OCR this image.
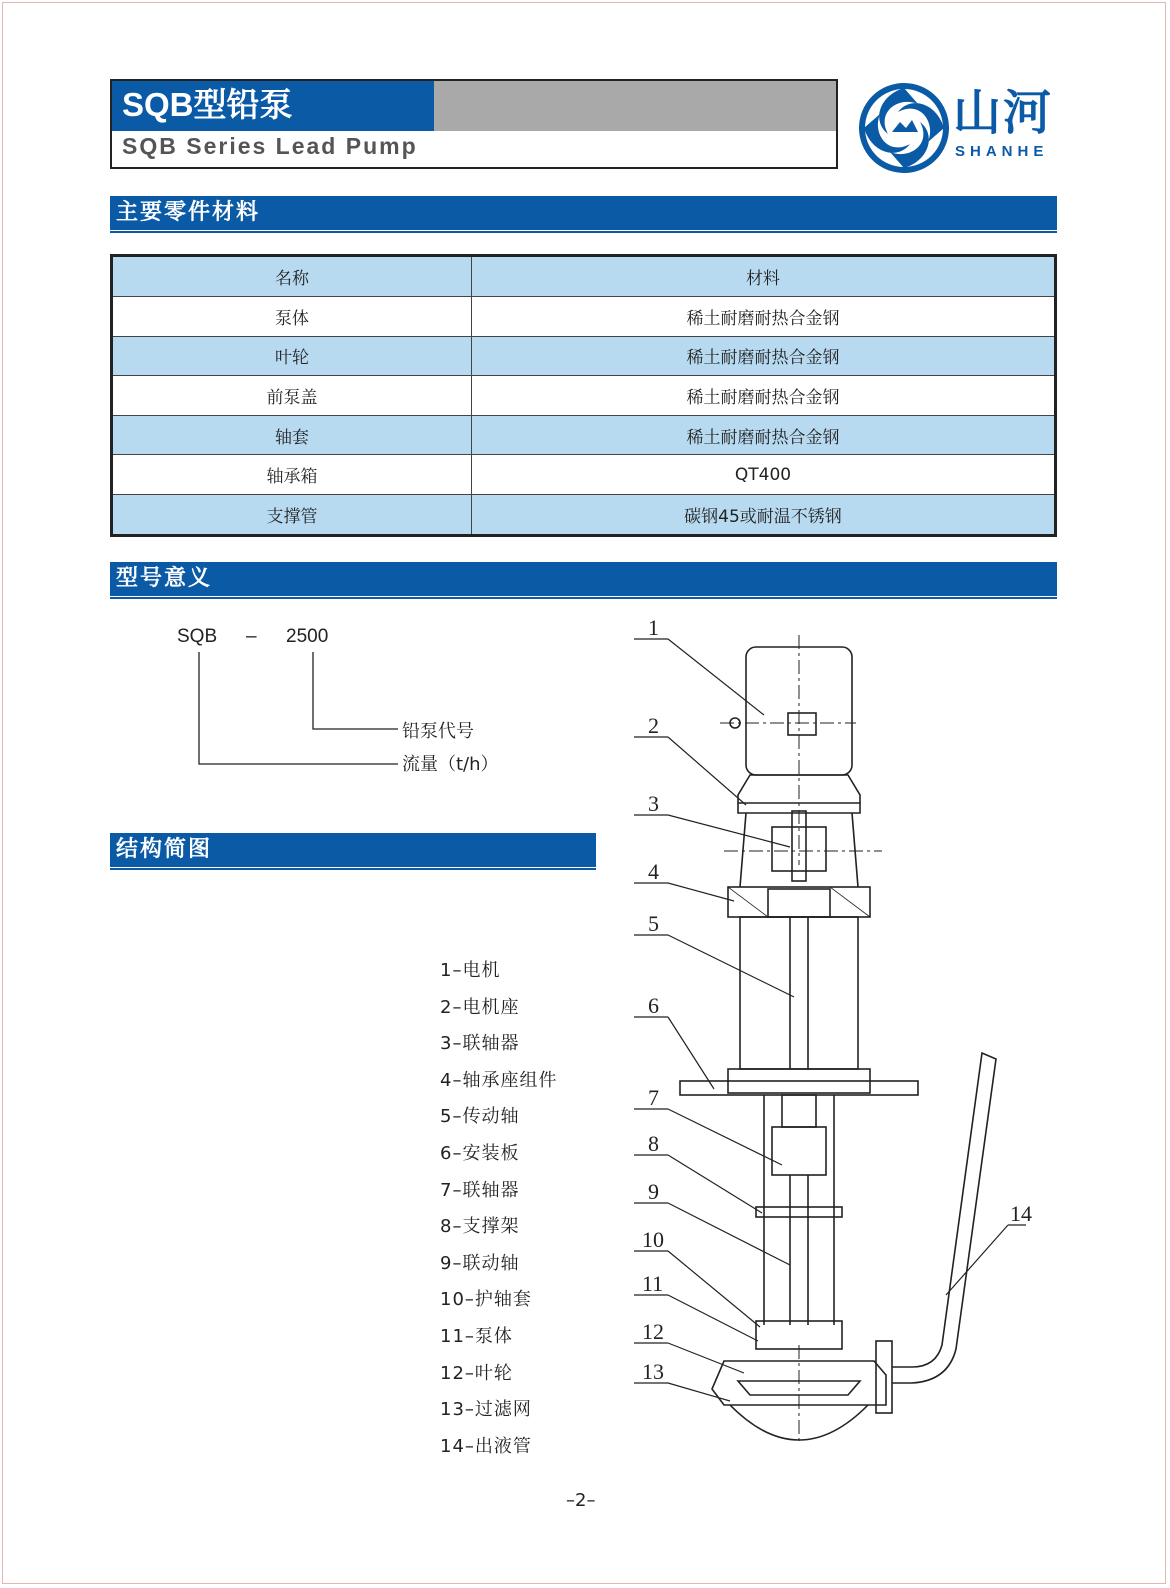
SQB型铅泵
SQB Series Lead Pump
山河
SHANHE
主要零件材料
名称	材料
泵体	稀土耐磨耐热合金钢
叶轮	稀土耐磨耐热合金钢
前泵盖	稀土耐磨耐热合金钢
轴套	稀土耐磨耐热合金钢
轴承箱	QT400
支撑管	碳钢45或耐温不锈钢
型号意义
SQB – 2500
铅泵代号
流量（t/h）
结构简图
1–电机
2–电机座
3–联轴器
4–轴承座组件
5–传动轴
6–安装板
7–联轴器
8–支撑架
9–联动轴
10–护轴套
11–泵体
12–叶轮
13–过滤网
14–出液管
1
2
3
4
5
6
7
8
9
10
11
12
13
14
–2–
